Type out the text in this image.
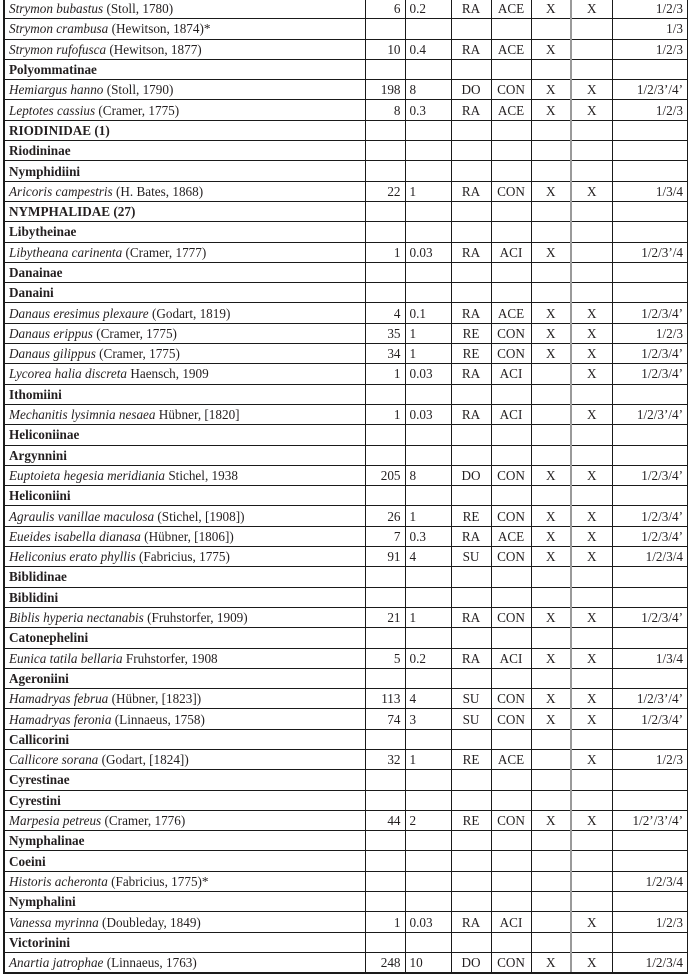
Strymon bubastus (Stoll, 1780)	6	0.2	RA	ACE	X	X	1/2/3
Strymon crambusa (Hewitson, 1874)*							1/3
Strymon rufofusca (Hewitson, 1877)	10	0.4	RA	ACE	X		1/2/3
Polyommatinae							
Hemiargus hanno (Stoll, 1790)	198	8	DO	CON	X	X	1/2/3’/4’
Leptotes cassius (Cramer, 1775)	8	0.3	RA	ACE	X	X	1/2/3
RIODINIDAE (1)							
Riodininae							
Nymphidiini							
Aricoris campestris (H. Bates, 1868)	22	1	RA	CON	X	X	1/3/4
NYMPHALIDAE (27)							
Libytheinae							
Libytheana carinenta (Cramer, 1777)	1	0.03	RA	ACI	X		1/2/3’/4
Danainae							
Danaini							
Danaus eresimus plexaure (Godart, 1819)	4	0.1	RA	ACE	X	X	1/2/3/4’
Danaus erippus (Cramer, 1775)	35	1	RE	CON	X	X	1/2/3
Danaus gilippus (Cramer, 1775)	34	1	RE	CON	X	X	1/2/3/4’
Lycorea halia discreta Haensch, 1909	1	0.03	RA	ACI		X	1/2/3/4’
Ithomiini							
Mechanitis lysimnia nesaea Hübner, [1820]	1	0.03	RA	ACI		X	1/2/3’/4’
Heliconiinae							
Argynnini							
Euptoieta hegesia meridiania Stichel, 1938	205	8	DO	CON	X	X	1/2/3/4’
Heliconiini							
Agraulis vanillae maculosa (Stichel, [1908])	26	1	RE	CON	X	X	1/2/3/4’
Eueides isabella dianasa (Hübner, [1806])	7	0.3	RA	ACE	X	X	1/2/3/4’
Heliconius erato phyllis (Fabricius, 1775)	91	4	SU	CON	X	X	1/2/3/4
Biblidinae							
Biblidini							
Biblis hyperia nectanabis (Fruhstorfer, 1909)	21	1	RA	CON	X	X	1/2/3/4’
Catonephelini							
Eunica tatila bellaria Fruhstorfer, 1908	5	0.2	RA	ACI	X	X	1/3/4
Ageroniini							
Hamadryas februa (Hübner, [1823])	113	4	SU	CON	X	X	1/2/3’/4’
Hamadryas feronia (Linnaeus, 1758)	74	3	SU	CON	X	X	1/2/3/4’
Callicorini							
Callicore sorana (Godart, [1824])	32	1	RE	ACE		X	1/2/3
Cyrestinae							
Cyrestini							
Marpesia petreus (Cramer, 1776)	44	2	RE	CON	X	X	1/2’/3’/4’
Nymphalinae							
Coeini							
Historis acheronta (Fabricius, 1775)*							1/2/3/4
Nymphalini							
Vanessa myrinna (Doubleday, 1849)	1	0.03	RA	ACI		X	1/2/3
Victorinini							
Anartia jatrophae (Linnaeus, 1763)	248	10	DO	CON	X	X	1/2/3/4
